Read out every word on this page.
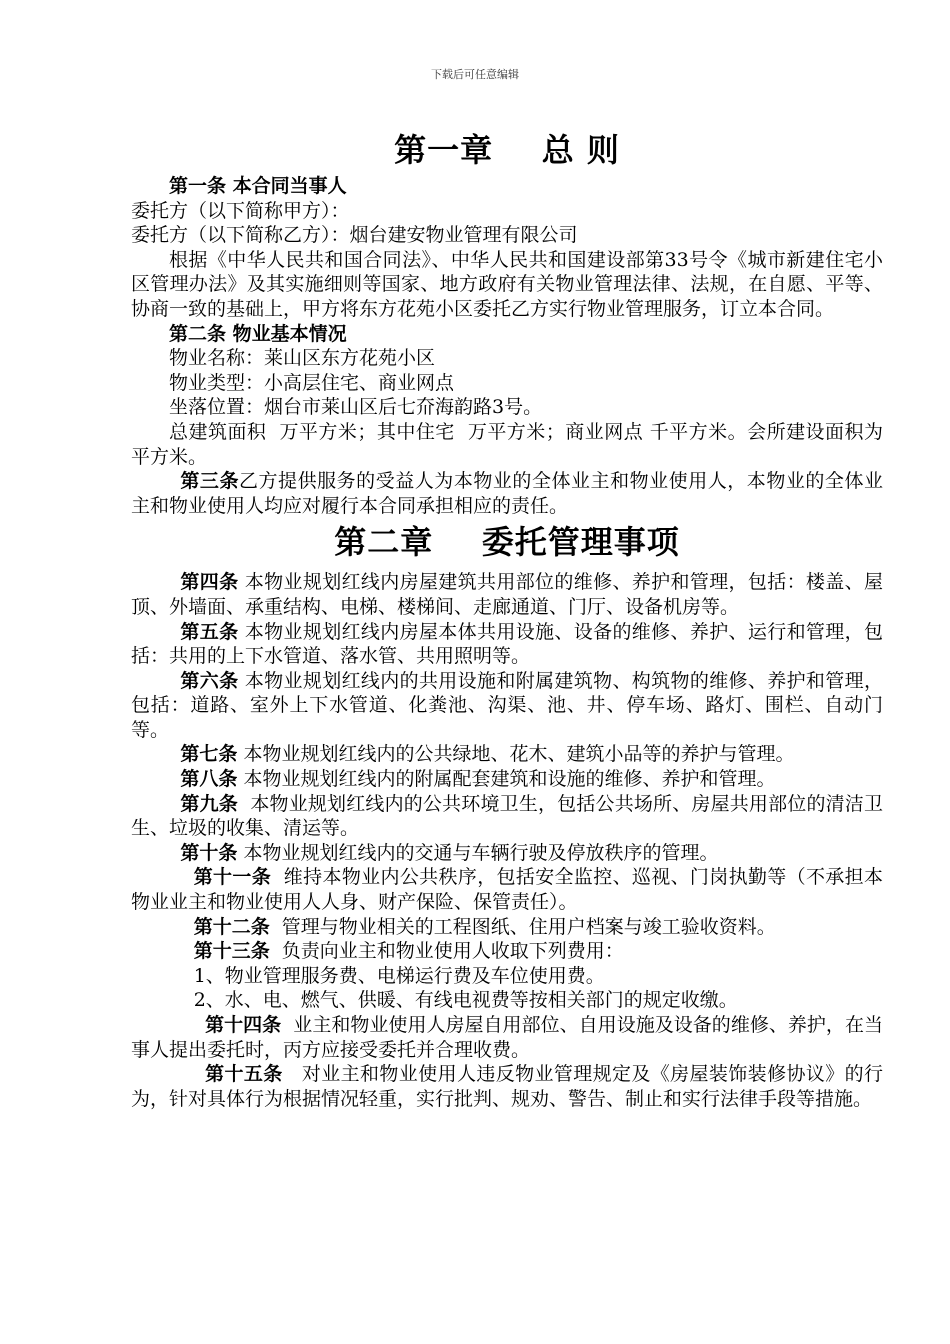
下载后可任意编辑
第一章    总 则

第一条 本合同当事人

委托方（以下简称甲方）：

委托方（以下简称乙方）：烟台建安物业管理有限公司

根据《中华人民共和国合同法》、中华人民共和国建设部第33号令《城市新建住宅小区管理办法》及其实施细则等国家、地方政府有关物业管理法律、法规，在自愿、平等、协商一致的基础上，甲方将东方花苑小区委托乙方实行物业管理服务，订立本合同。

第二条 物业基本情况

物业名称：莱山区东方花苑小区

物业类型：小高层住宅、商业网点

坐落位置：烟台市莱山区后七夼海韵路3号。

总建筑面积  万平方米；其中住宅  万平方米；商业网点 千平方米。会所建设面积为  平方米。

第三条乙方提供服务的受益人为本物业的全体业主和物业使用人，本物业的全体业主和物业使用人均应对履行本合同承担相应的责任。

第二章    委托管理事项

第四条 本物业规划红线内房屋建筑共用部位的维修、养护和管理，包括：楼盖、屋顶、外墙面、承重结构、电梯、楼梯间、走廊通道、门厅、设备机房等。

第五条 本物业规划红线内房屋本体共用设施、设备的维修、养护、运行和管理，包括：共用的上下水管道、落水管、共用照明等。

第六条 本物业规划红线内的共用设施和附属建筑物、构筑物的维修、养护和管理，包括：道路、室外上下水管道、化粪池、沟渠、池、井、停车场、路灯、围栏、自动门等。

第七条 本物业规划红线内的公共绿地、花木、建筑小品等的养护与管理。

第八条 本物业规划红线内的附属配套建筑和设施的维修、养护和管理。

第九条  本物业规划红线内的公共环境卫生，包括公共场所、房屋共用部位的清洁卫生、垃圾的收集、清运等。

第十条 本物业规划红线内的交通与车辆行驶及停放秩序的管理。

第十一条  维持本物业内公共秩序，包括安全监控、巡视、门岗执勤等（不承担本物业业主和物业使用人人身、财产保险、保管责任）。

第十二条  管理与物业相关的工程图纸、住用户档案与竣工验收资料。

第十三条  负责向业主和物业使用人收取下列费用：

1、物业管理服务费、电梯运行费及车位使用费。

2、水、电、燃气、供暖、有线电视费等按相关部门的规定收缴。

第十四条  业主和物业使用人房屋自用部位、自用设施及设备的维修、养护，在当事人提出委托时，丙方应接受委托并合理收费。

第十五条   对业主和物业使用人违反物业管理规定及《房屋装饰装修协议》的行为，针对具体行为根据情况轻重，实行批判、规劝、警告、制止和实行法律手段等措施。
